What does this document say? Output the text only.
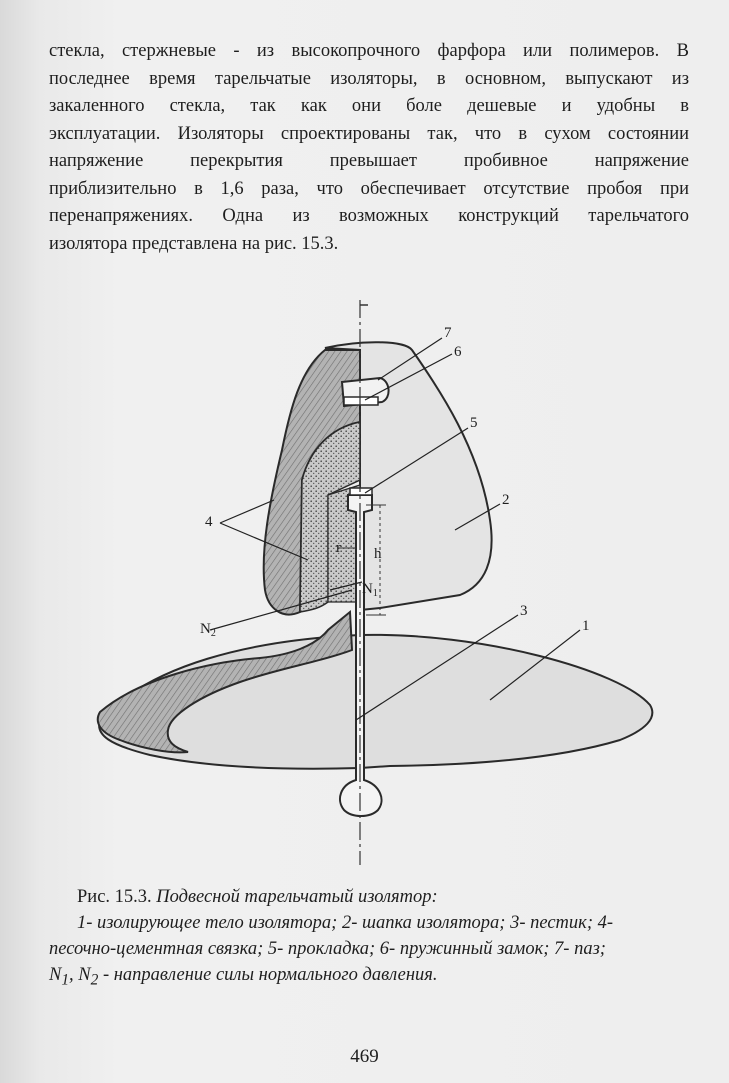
стекла, стержневые - из высокопрочного фарфора или полимеров. В
последнее время тарельчатые изоляторы, в основном, выпускают из
закаленного стекла, так как они боле дешевые и удобны в
эксплуатации. Изоляторы спроектированы так, что в сухом состоянии
напряжение перекрытия превышает пробивное напряжение
приблизительно в 1,6 раза, что обеспечивает отсутствие пробоя при
перенапряжениях. Одна из возможных конструкций тарельчатого
изолятора представлена на рис. 15.3.
7
6
5
2
4
r h
3
1
$N_1$
$N_2$
Рис. 15.3. Подвесной тарельчатый изолятор:
1- изолирующее тело изолятора; 2- шапка изолятора; 3- пестик; 4-
песочно-цементная связка; 5- прокладка; 6- пружинный замок; 7- паз;
$N_1$, $N_2$ - направление силы нормального давления.
469
